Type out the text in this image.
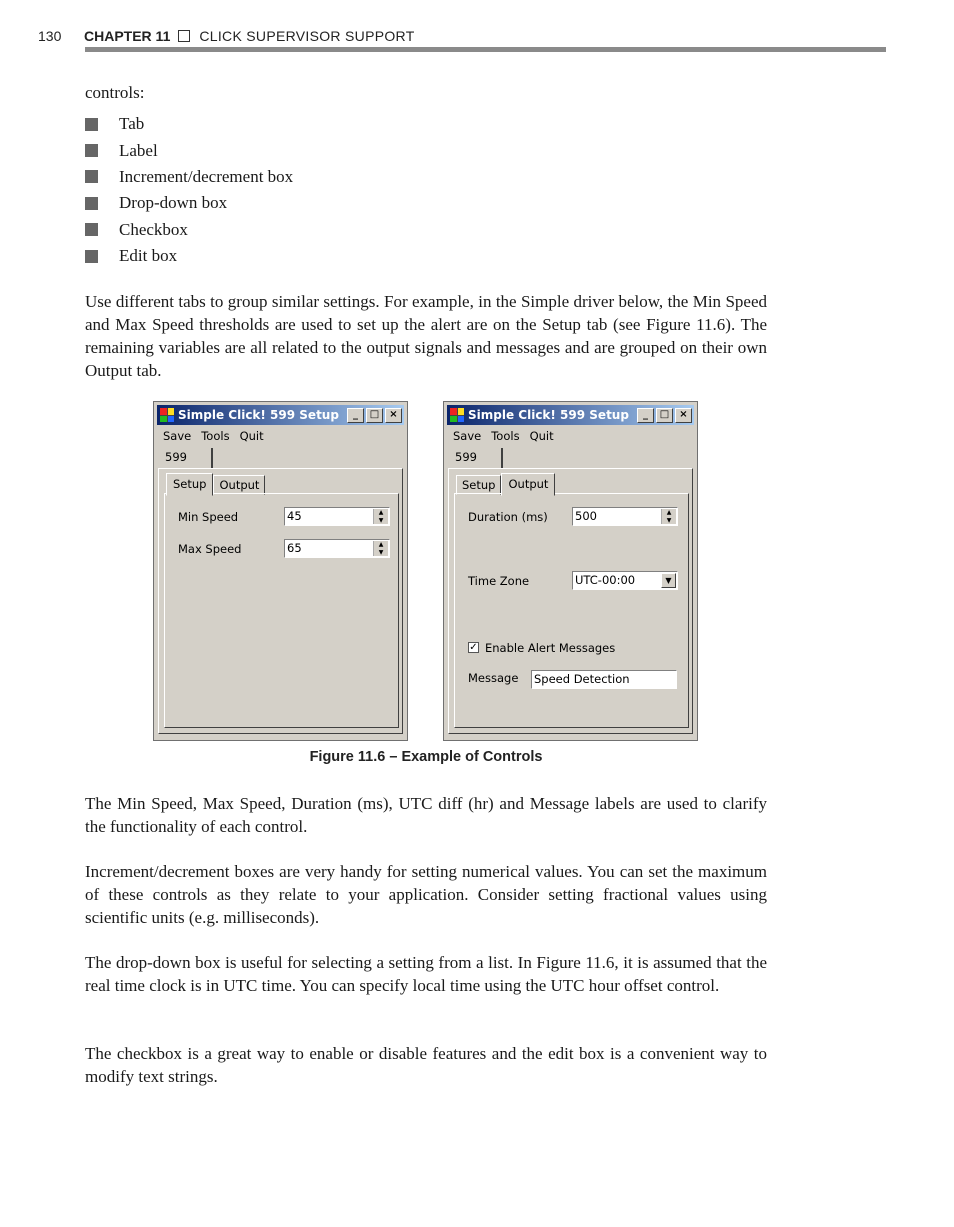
130	CHAPTER 11 CLICK SUPERVISOR SUPPORT
controls:
Tab
Label
Increment/decrement box
Drop-down box
Checkbox
Edit box
Use different tabs to group similar settings. For example, in the Simple driver below, the Min Speed and Max Speed thresholds are used to set up the alert are on the Setup tab (see Figure 11.6). The remaining variables are all related to the output signals and messages and are grouped on their own Output tab.
Simple Click! 599 Setup	_	□	×
Save Tools Quit
599
Setup	Output
Min Speed	45	▲
▼
Max Speed	65	▲
▼
Simple Click! 599 Setup	_	□	×
Save Tools Quit
599
Setup	Output
Duration (ms) 500	▲
▼
Time Zone	UTC-00:00	▼
✓ Enable Alert Messages
Message Speed Detection
Figure 11.6 – Example of Controls
The Min Speed, Max Speed, Duration (ms), UTC diff (hr) and Message labels are used to clarify the functionality of each control.
Increment/decrement boxes are very handy for setting numerical values. You can set the maximum of these controls as they relate to your application. Consider setting fractional values using scientific units (e.g. milliseconds).
The drop-down box is useful for selecting a setting from a list. In Figure 11.6, it is assumed that the real time clock is in UTC time. You can specify local time using the UTC hour offset control.
The checkbox is a great way to enable or disable features and the edit box is a convenient way to modify text strings.
